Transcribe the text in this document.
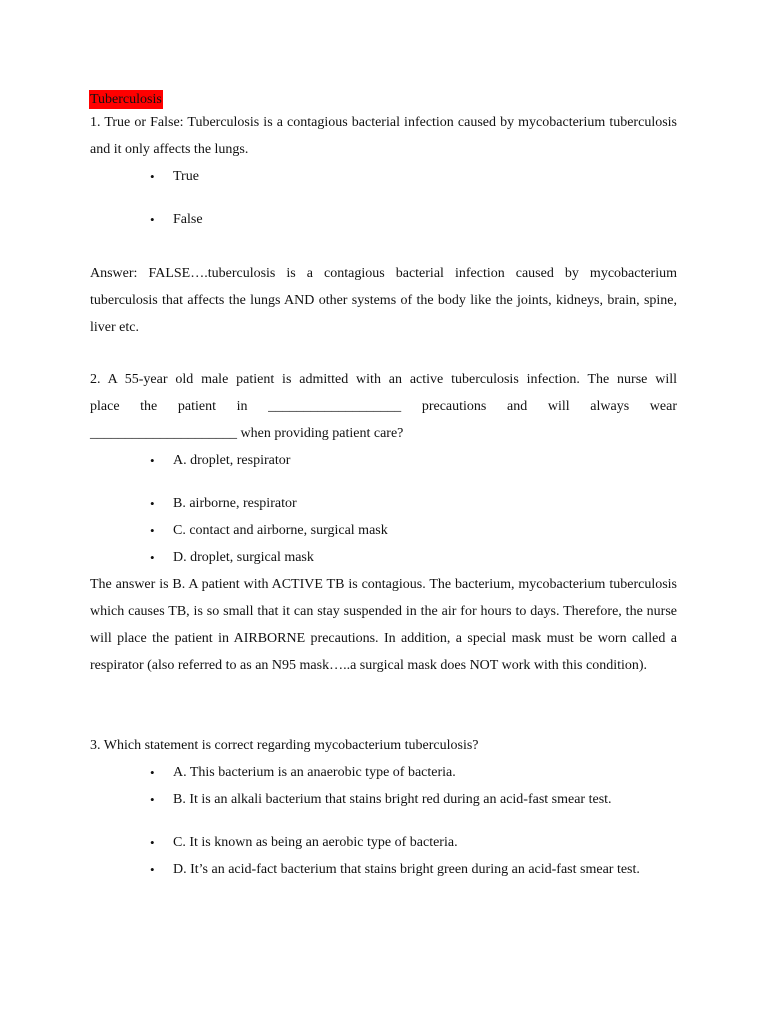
Tuberculosis

1. True or False: Tuberculosis is a contagious bacterial infection caused by mycobacterium tuberculosis and it only affects the lungs.

• True
• False

Answer: FALSE….tuberculosis is a contagious bacterial infection caused by mycobacterium tuberculosis that affects the lungs AND other systems of the body like the joints, kidneys, brain, spine, liver etc.

2. A 55-year old male patient is admitted with an active tuberculosis infection. The nurse will
place the patient in ___________________ precautions and will always wear
_____________________ when providing patient care?
• A. droplet, respirator
• B. airborne, respirator
• C. contact and airborne, surgical mask
• D. droplet, surgical mask

The answer is B. A patient with ACTIVE TB is contagious. The bacterium, mycobacterium tuberculosis which causes TB, is so small that it can stay suspended in the air for hours to days. Therefore, the nurse will place the patient in AIRBORNE precautions. In addition, a special mask must be worn called a respirator (also referred to as an N95 mask…..a surgical mask does NOT work with this condition).

3. Which statement is correct regarding mycobacterium tuberculosis?

• A. This bacterium is an anaerobic type of bacteria.
• B. It is an alkali bacterium that stains bright red during an acid-fast smear test.
• C. It is known as being an aerobic type of bacteria.
• D. It’s an acid-fact bacterium that stains bright green during an acid-fast smear test.
